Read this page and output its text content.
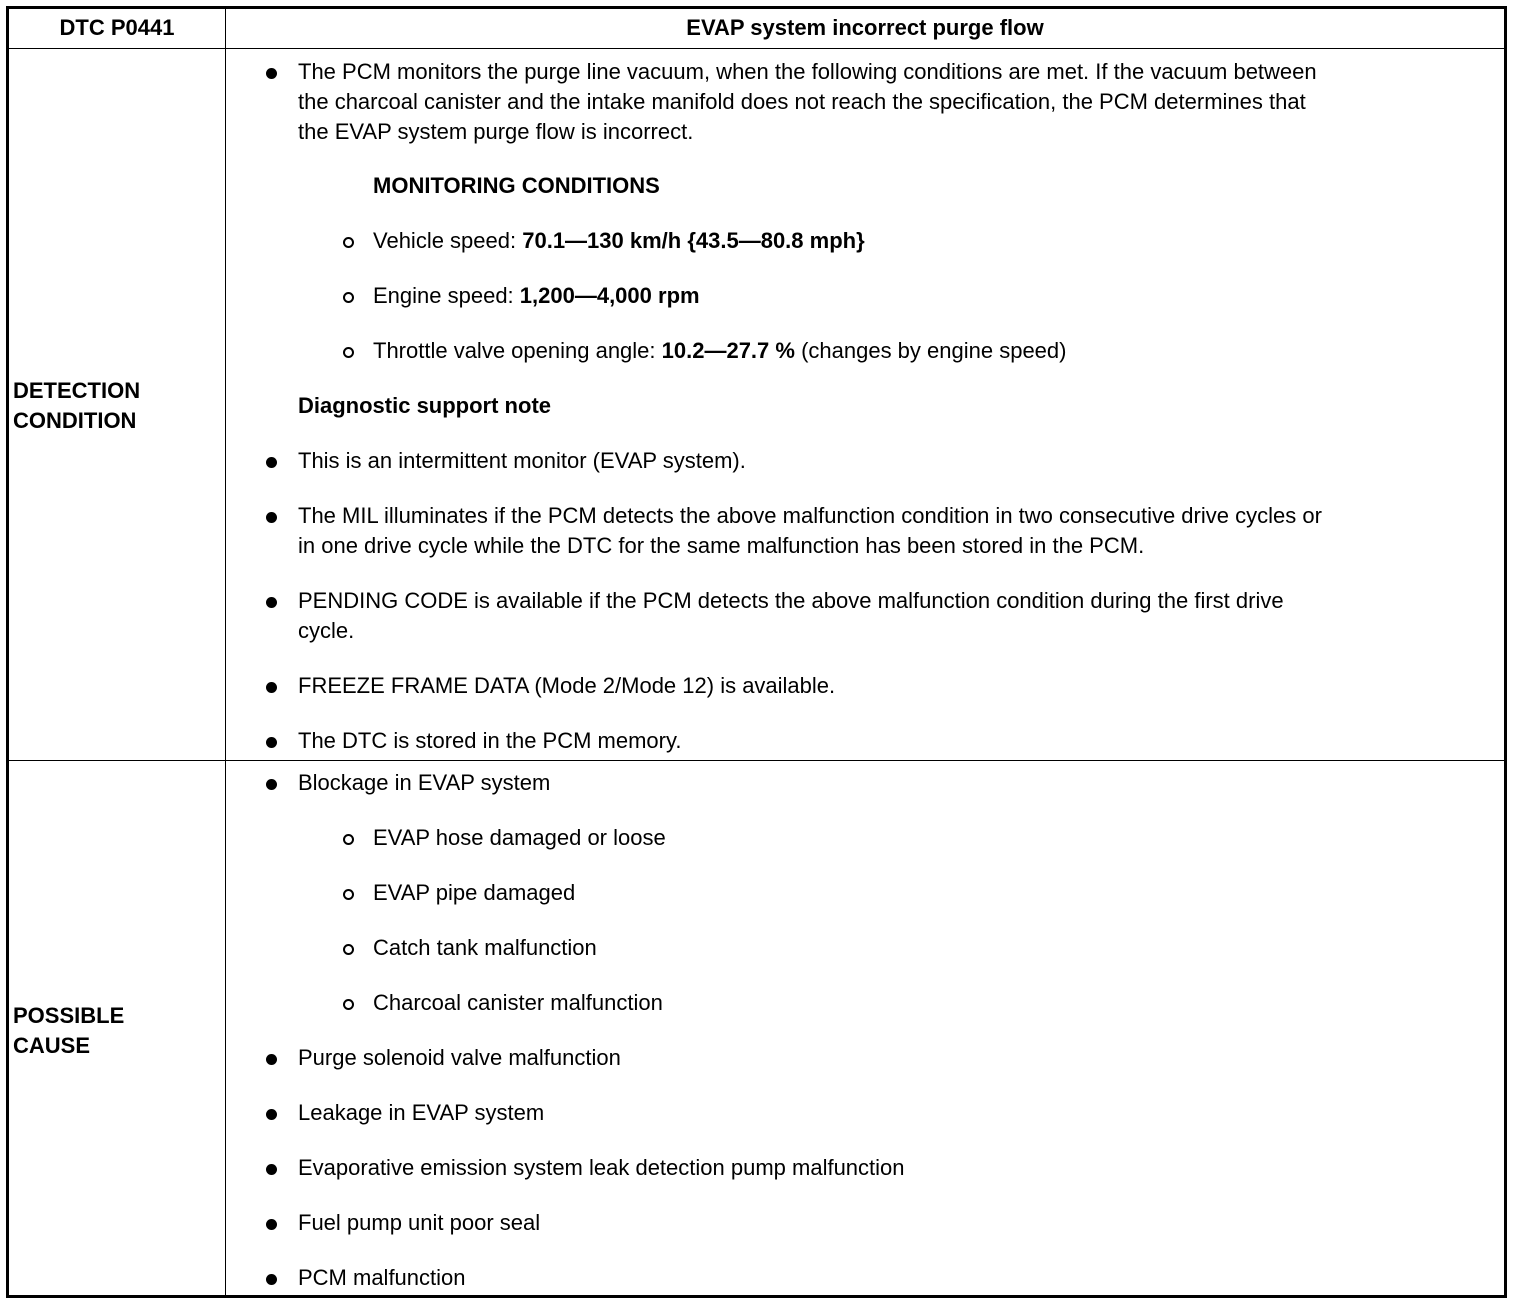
DTC P0441	EVAP system incorrect purge flow
DETECTION
CONDITION
The PCM monitors the purge line vacuum, when the following conditions are met. If the vacuum between
the charcoal canister and the intake manifold does not reach the specification, the PCM determines that
the EVAP system purge flow is incorrect.
MONITORING CONDITIONS
Vehicle speed: 70.1—130 km/h {43.5—80.8 mph}
Engine speed: 1,200—4,000 rpm
Throttle valve opening angle: 10.2—27.7 % (changes by engine speed)
Diagnostic support note
This is an intermittent monitor (EVAP system).
The MIL illuminates if the PCM detects the above malfunction condition in two consecutive drive cycles or
in one drive cycle while the DTC for the same malfunction has been stored in the PCM.
PENDING CODE is available if the PCM detects the above malfunction condition during the first drive
cycle.
FREEZE FRAME DATA (Mode 2/Mode 12) is available.
The DTC is stored in the PCM memory.
POSSIBLE
CAUSE
Blockage in EVAP system
EVAP hose damaged or loose
EVAP pipe damaged
Catch tank malfunction
Charcoal canister malfunction
Purge solenoid valve malfunction
Leakage in EVAP system
Evaporative emission system leak detection pump malfunction
Fuel pump unit poor seal
PCM malfunction
